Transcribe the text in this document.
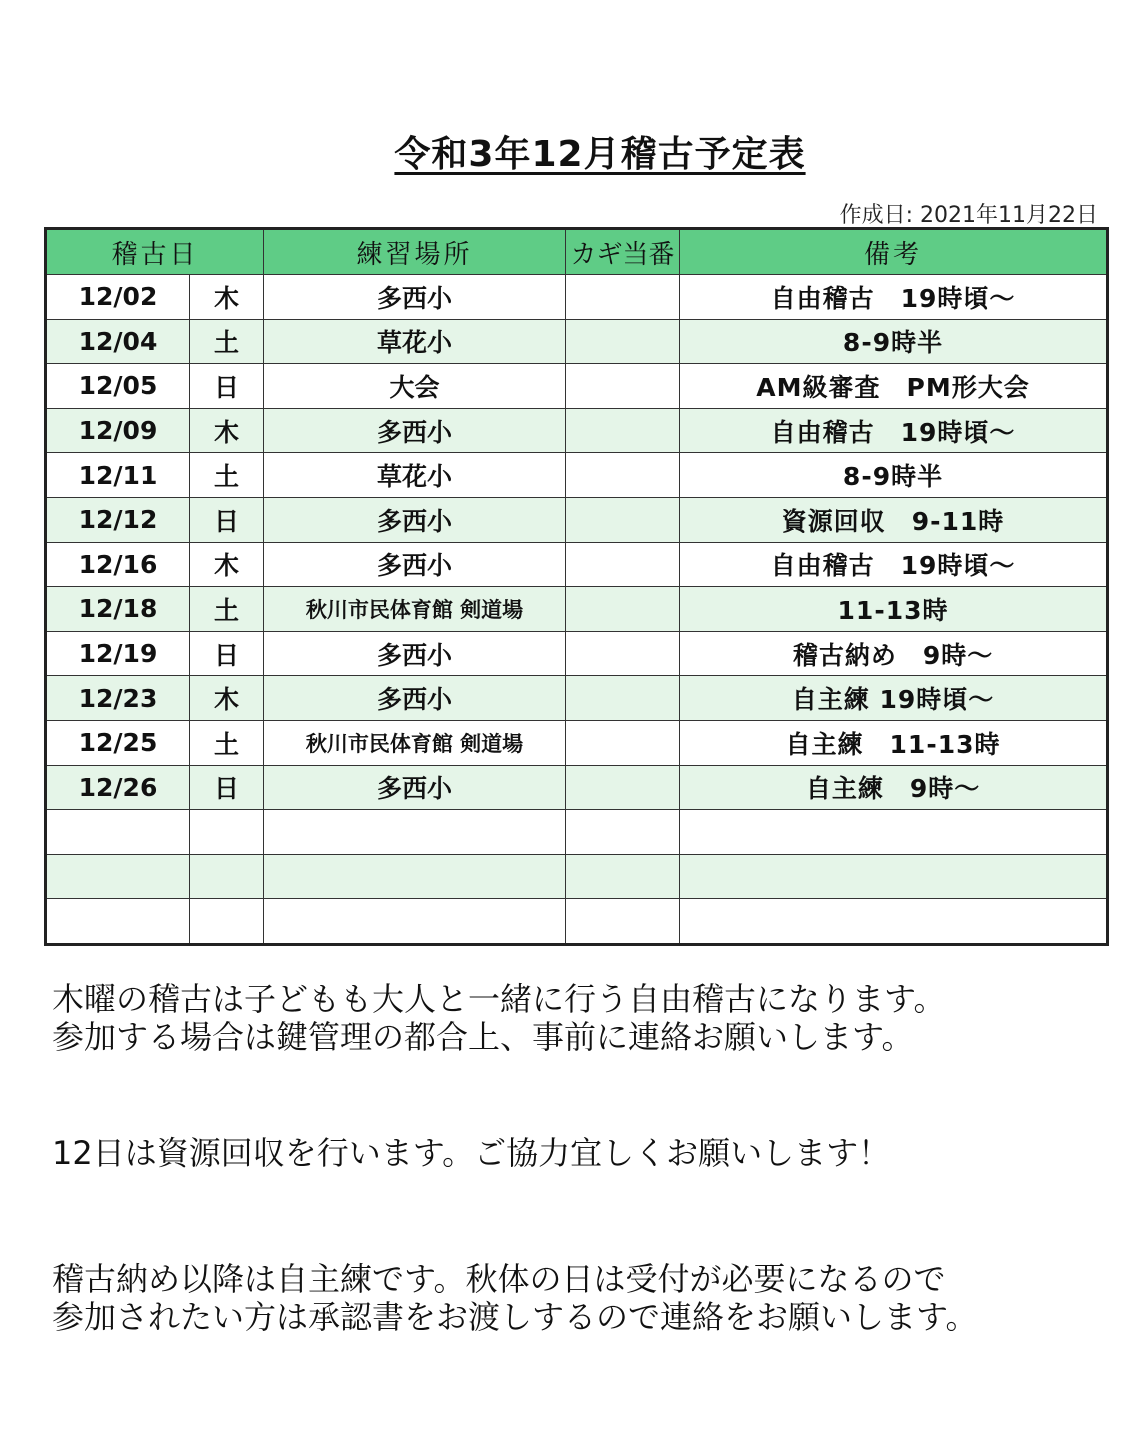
令和3年12月稽古予定表
作成日: 2021年11月22日
稽古日		練習場所	カギ当番	備考
12/02	木	多西小		自由稽古　19時頃～
12/04	土	草花小		8-9時半
12/05	日	大会		AM級審査　PM形大会
12/09	木	多西小		自由稽古　19時頃～
12/11	土	草花小		8-9時半
12/12	日	多西小		資源回収　9-11時
12/16	木	多西小		自由稽古　19時頃～
12/18	土	秋川市民体育館 剣道場		11-13時
12/19	日	多西小		稽古納め　9時～
12/23	木	多西小		自主練 19時頃～
12/25	土	秋川市民体育館 剣道場		自主練　11-13時
12/26	日	多西小		自主練　9時～

木曜の稽古は子どもも大人と一緒に行う自由稽古になります。

参加する場合は鍵管理の都合上、事前に連絡お願いします。

12日は資源回収を行います。ご協力宜しくお願いします！

稽古納め以降は自主練です。秋体の日は受付が必要になるので

参加されたい方は承認書をお渡しするので連絡をお願いします。
